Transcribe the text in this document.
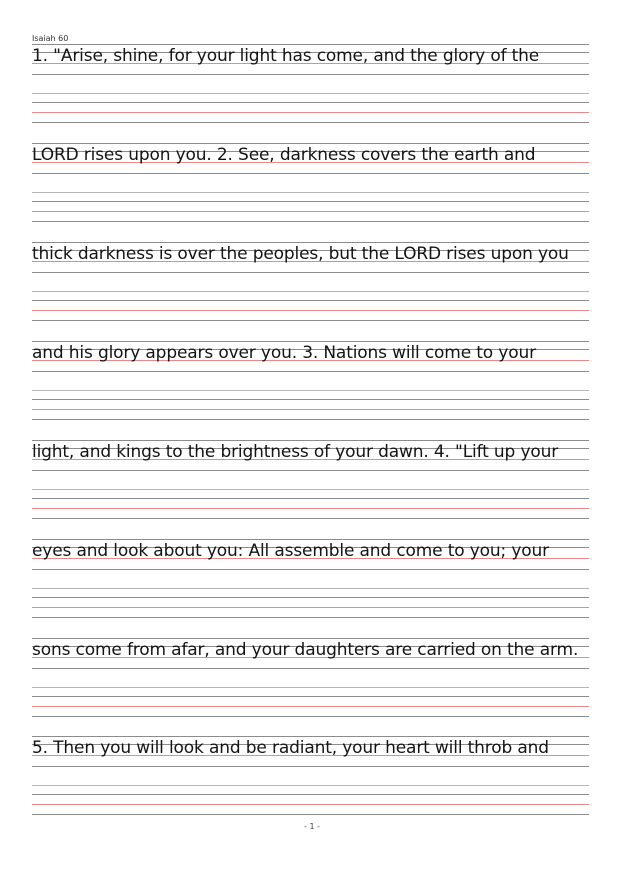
Isaiah 60
1. "Arise, shine, for your light has come, and the glory of the
LORD rises upon you. 2. See, darkness covers the earth and
thick darkness is over the peoples, but the LORD rises upon you
and his glory appears over you. 3. Nations will come to your
light, and kings to the brightness of your dawn. 4. "Lift up your
eyes and look about you: All assemble and come to you; your
sons come from afar, and your daughters are carried on the arm.
5. Then you will look and be radiant, your heart will throb and
- 1 -
